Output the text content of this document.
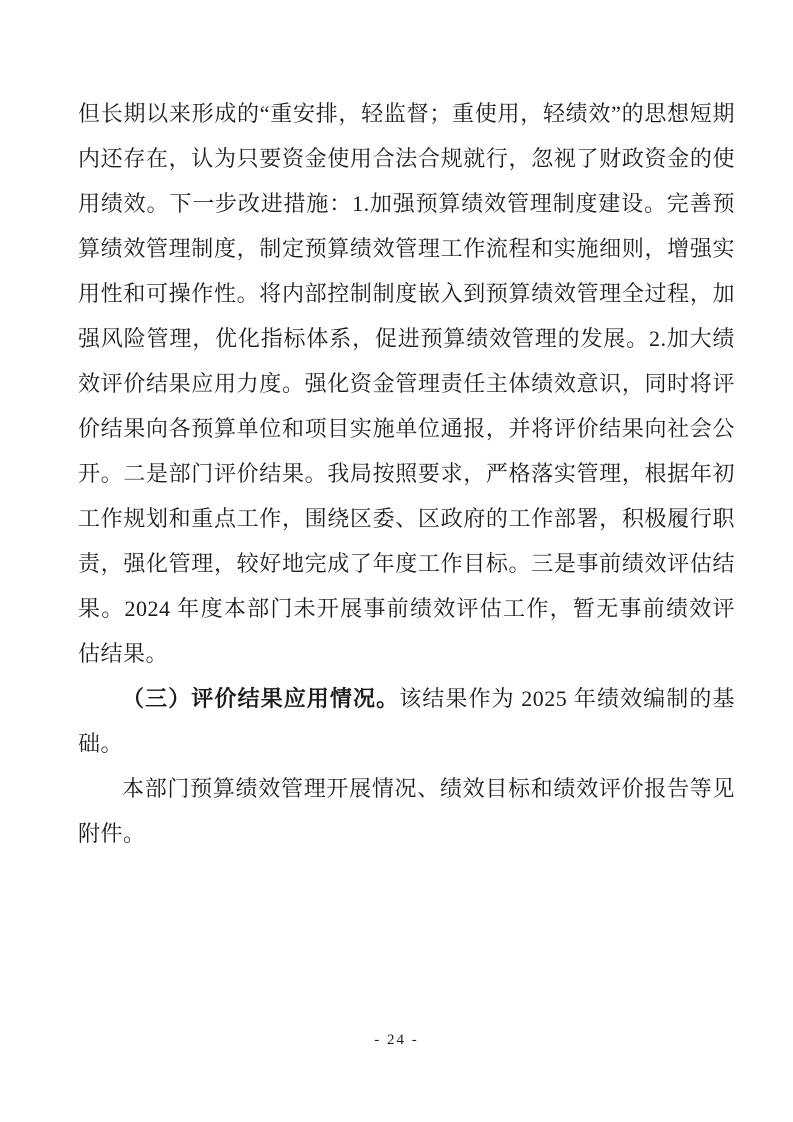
但长期以来形成的“重安排，轻监督；重使用，轻绩效”的思想短期内还存在，认为只要资金使用合法合规就行，忽视了财政资金的使用绩效。下一步改进措施：1.加强预算绩效管理制度建设。完善预算绩效管理制度，制定预算绩效管理工作流程和实施细则，增强实用性和可操作性。将内部控制制度嵌入到预算绩效管理全过程，加强风险管理，优化指标体系，促进预算绩效管理的发展。2.加大绩效评价结果应用力度。强化资金管理责任主体绩效意识，同时将评价结果向各预算单位和项目实施单位通报，并将评价结果向社会公开。二是部门评价结果。我局按照要求，严格落实管理，根据年初工作规划和重点工作，围绕区委、区政府的工作部署，积极履行职责，强化管理，较好地完成了年度工作目标。三是事前绩效评估结果。2024 年度本部门未开展事前绩效评估工作，暂无事前绩效评估结果。

（三）评价结果应用情况。该结果作为 2025 年绩效编制的基础。

本部门预算绩效管理开展情况、绩效目标和绩效评价报告等见附件。

- 24 -
